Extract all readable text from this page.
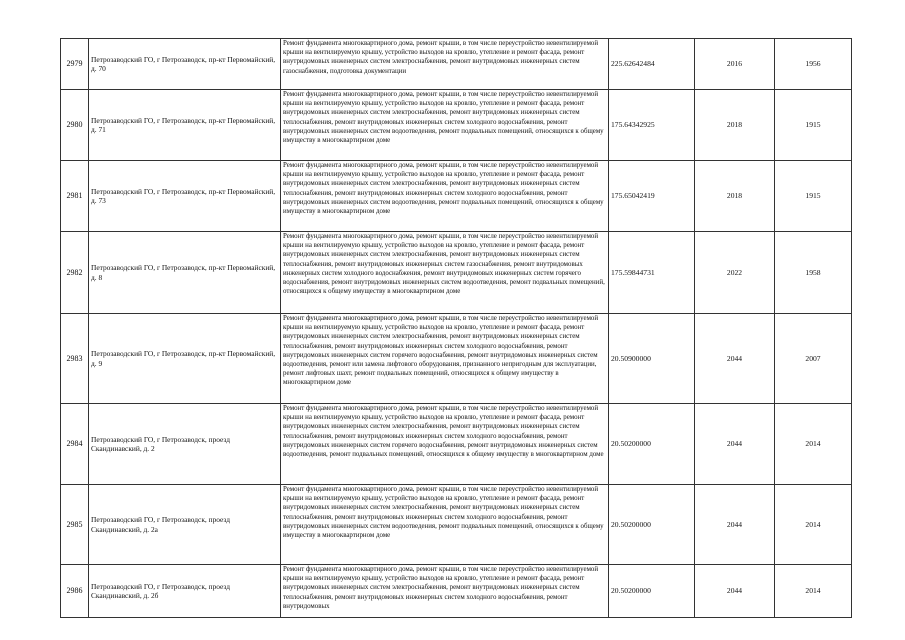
2979	Петрозаводский ГО, г Петрозаводск, пр-кт Первомайский, д. 70	Ремонт фундамента многоквартирного дома, ремонт крыши, в том числе переустройство невентилируемой крыши на вентилируемую крышу, устройство выходов на кровлю, утепление и ремонт фасада, ремонт внутридомовых инженерных систем электроснабжения, ремонт внутридомовых инженерных систем газоснабжения, подготовка документации	225.62642484	2016	1956
2980	Петрозаводский ГО, г Петрозаводск, пр-кт Первомайский, д. 71	Ремонт фундамента многоквартирного дома, ремонт крыши, в том числе переустройство невентилируемой крыши на вентилируемую крышу, устройство выходов на кровлю, утепление и ремонт фасада, ремонт внутридомовых инженерных систем электроснабжения, ремонт внутридомовых инженерных систем теплоснабжения, ремонт внутридомовых инженерных систем холодного водоснабжения, ремонт внутридомовых инженерных систем водоотведения, ремонт подвальных помещений, относящихся к общему имуществу в многоквартирном доме	175.64342925	2018	1915
2981	Петрозаводский ГО, г Петрозаводск, пр-кт Первомайский, д. 73	Ремонт фундамента многоквартирного дома, ремонт крыши, в том числе переустройство невентилируемой крыши на вентилируемую крышу, устройство выходов на кровлю, утепление и ремонт фасада, ремонт внутридомовых инженерных систем электроснабжения, ремонт внутридомовых инженерных систем теплоснабжения, ремонт внутридомовых инженерных систем холодного водоснабжения, ремонт внутридомовых инженерных систем водоотведения, ремонт подвальных помещений, относящихся к общему имуществу в многоквартирном доме	175.65042419	2018	1915
2982	Петрозаводский ГО, г Петрозаводск, пр-кт Первомайский, д. 8	Ремонт фундамента многоквартирного дома, ремонт крыши, в том числе переустройство невентилируемой крыши на вентилируемую крышу, устройство выходов на кровлю, утепление и ремонт фасада, ремонт внутридомовых инженерных систем электроснабжения, ремонт внутридомовых инженерных систем теплоснабжения, ремонт внутридомовых инженерных систем газоснабжения, ремонт внутридомовых инженерных систем холодного водоснабжения, ремонт внутридомовых инженерных систем горячего водоснабжения, ремонт внутридомовых инженерных систем водоотведения, ремонт подвальных помещений, относящихся к общему имуществу в многоквартирном доме	175.59844731	2022	1958
2983	Петрозаводский ГО, г Петрозаводск, пр-кт Первомайский, д. 9	Ремонт фундамента многоквартирного дома, ремонт крыши, в том числе переустройство невентилируемой крыши на вентилируемую крышу, устройство выходов на кровлю, утепление и ремонт фасада, ремонт внутридомовых инженерных систем электроснабжения, ремонт внутридомовых инженерных систем теплоснабжения, ремонт внутридомовых инженерных систем холодного водоснабжения, ремонт внутридомовых инженерных систем горячего водоснабжения, ремонт внутридомовых инженерных систем водоотведения, ремонт или замена лифтового оборудования, признанного непригодным для эксплуатации, ремонт лифтовых шахт, ремонт подвальных помещений, относящихся к общему имуществу в многоквартирном доме	20.50900000	2044	2007
2984	Петрозаводский ГО, г Петрозаводск, проезд Скандинавский, д. 2	Ремонт фундамента многоквартирного дома, ремонт крыши, в том числе переустройство невентилируемой крыши на вентилируемую крышу, устройство выходов на кровлю, утепление и ремонт фасада, ремонт внутридомовых инженерных систем электроснабжения, ремонт внутридомовых инженерных систем теплоснабжения, ремонт внутридомовых инженерных систем холодного водоснабжения, ремонт внутридомовых инженерных систем горячего водоснабжения, ремонт внутридомовых инженерных систем водоотведения, ремонт подвальных помещений, относящихся к общему имуществу в многоквартирном доме	20.50200000	2044	2014
2985	Петрозаводский ГО, г Петрозаводск, проезд Скандинавский, д. 2а	Ремонт фундамента многоквартирного дома, ремонт крыши, в том числе переустройство невентилируемой крыши на вентилируемую крышу, устройство выходов на кровлю, утепление и ремонт фасада, ремонт внутридомовых инженерных систем электроснабжения, ремонт внутридомовых инженерных систем теплоснабжения, ремонт внутридомовых инженерных систем холодного водоснабжения, ремонт внутридомовых инженерных систем водоотведения, ремонт подвальных помещений, относящихся к общему имуществу в многоквартирном доме	20.50200000	2044	2014
2986	Петрозаводский ГО, г Петрозаводск, проезд Скандинавский, д. 2б	Ремонт фундамента многоквартирного дома, ремонт крыши, в том числе переустройство невентилируемой крыши на вентилируемую крышу, устройство выходов на кровлю, утепление и ремонт фасада, ремонт внутридомовых инженерных систем электроснабжения, ремонт внутридомовых инженерных систем теплоснабжения, ремонт внутридомовых инженерных систем холодного водоснабжения, ремонт внутридомовых	20.50200000	2044	2014
